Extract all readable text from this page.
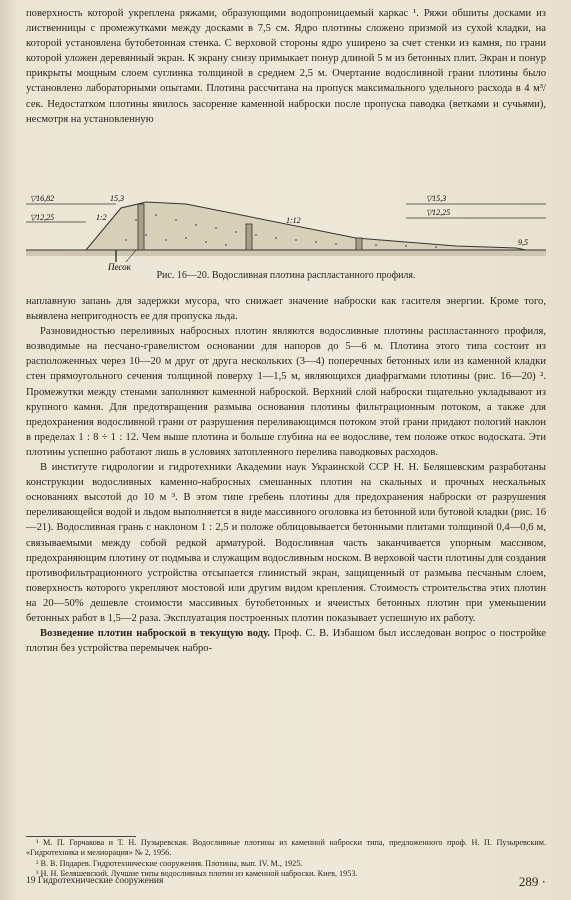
поверхность которой укреплена ряжами, образующими водопроницаемый каркас ¹. Ряжи обшиты досками из лиственницы с промежутками между досками в 7,5 см. Ядро плотины сложено призмой из сухой кладки, на которой установлена бутобетонная стенка. С верховой стороны ядро уширено за счет стенки из камня, по грани которой уложен деревянный экран. К экрану снизу примыкает понур длиной 5 м из бетонных плит. Экран и понур прикрыты мощным слоем суглинка толщиной в среднем 2,5 м. Очертание водосливной грани плотины было установлено лабораторными опытами. Плотина рассчитана на пропуск максимального удельного расхода в 4 м³/сек. Недостатком плотины явилось засорение каменной наброски после пропуска паводка (ветками и сучьями), несмотря на установленную

▽16,82	15,3
▽12,25	1:2	1:12
▽15,3
▽12,25
9,5
Песок
Рис. 16—20. Водосливная плотина распластанного профиля.

наплавную запань для задержки мусора, что снижает значение наброски как гасителя энергии. Кроме того, выявлена непригодность ее для пропуска льда.

Разновидностью переливных набросных плотин являются водосливные плотины распластанного профиля, возводимые на песчано-гравелистом основании для напоров до 5—6 м. Плотина этого типа состоит из расположенных через 10—20 м друг от друга нескольких (3—4) поперечных бетонных или из каменной кладки стен прямоугольного сечения толщиной поверху 1—1,5 м, являющихся диафрагмами плотины (рис. 16—20) ². Промежутки между стенами заполняют каменной наброской. Верхний слой наброски тщательно укладывают из крупного камня. Для предотвращения размыва основания плотины фильтрационным потоком, а также для предохранения водосливной грани от разрушения переливающимся потоком этой грани придают пологий наклон в пределах 1 : 8 ÷ 1 : 12. Чем выше плотина и больше глубина на ее водосливе, тем положе откос водоската. Эти плотины успешно работают лишь в условиях затопленного перелива паводковых расходов.

В институте гидрологии и гидротехники Академии наук Украинской ССР Н. Н. Беляшевским разработаны конструкции водосливных каменно-набросных смешанных плотин на скальных и прочных нескальных основаниях высотой до 10 м ³. В этом типе гребень плотины для предохранения наброски от разрушения переливающейся водой и льдом выполняется в виде массивного оголовка из бетонной или бутовой кладки (рис. 16—21). Водосливная грань с наклоном 1 : 2,5 и положе облицовывается бетонными плитами толщиной 0,4—0,6 м, связываемыми между собой редкой арматурой. Водосливная часть заканчивается упорным массивом, предохраняющим плотину от подмыва и служащим водосливным носком. В верховой части плотины для создания противофильтрационного устройства отсыпается глинистый экран, защищенный от размыва песчаным слоем, поверхность которого укрепляют мостовой или другим видом крепления. Стоимость строительства этих плотин на 20—50% дешевле стоимости массивных бутобетонных и ячеистых бетонных плотин при уменьшении бетонных работ в 1,5—2 раза. Эксплуатация построенных плотин показывает успешную их работу.

Возведение плотин наброской в текущую воду. Проф. С. В. Избашом был исследован вопрос о постройке плотин без устройства перемычек набро-

¹ М. П. Горчакова и Т. Н. Пузыревская. Водосливные плотины из каменной наброски типа, предложенного проф. Н. П. Пузыревским. «Гидротехника и мелиорация» № 2, 1956.

² В. В. Подарев. Гидротехнические сооружения. Плотины, вып. IV. М., 1925.

³ Н. Н. Беляшевский. Лучшие типы водосливных плотин из каменной наброски. Киев, 1953.

19 Гидротехнические сооружения	289 ·
